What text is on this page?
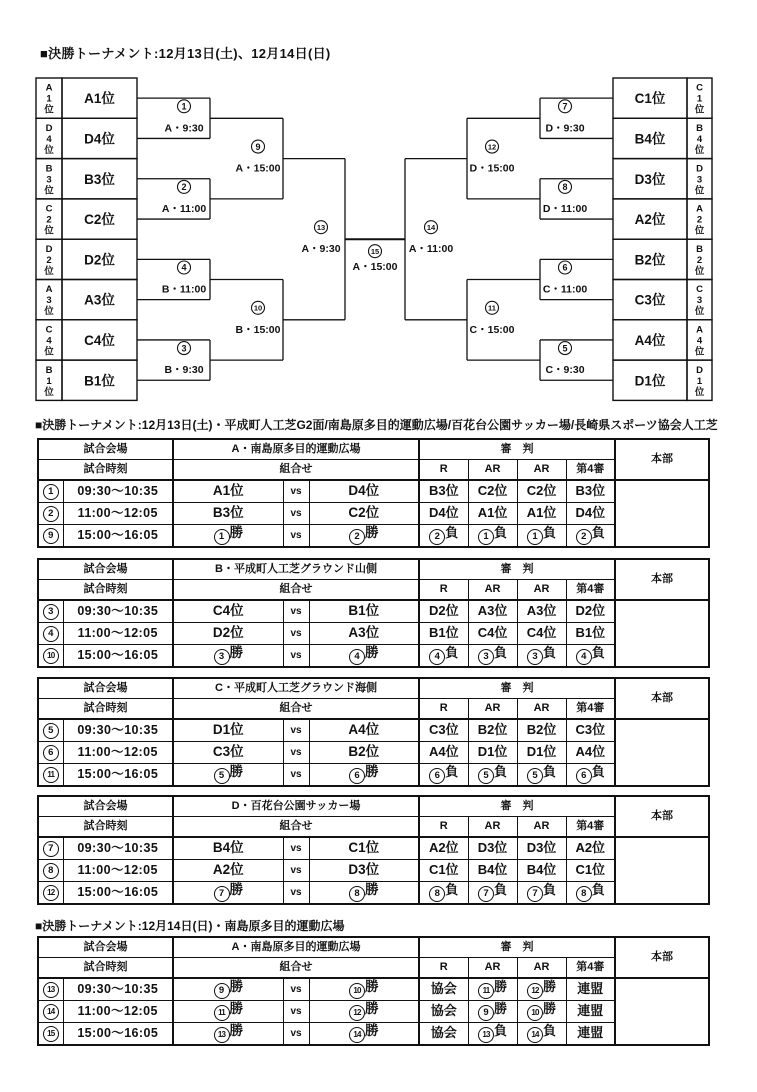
■決勝トーナメント:12月13日(土)、12月14日(日)
A1位
A
1
位
D4位
D
4
位
B3位
B
3
位
C2位
C
2
位
D2位
D
2
位
A3位
A
3
位
C4位
C
4
位
B1位
B
1
位
C1位
C
1
位
B4位
B
4
位
D3位
D
3
位
A2位
A
2
位
B2位
B
2
位
C3位
C
3
位
A4位
A
4
位
D1位
D
1
位
1
A・9:30
2
A・11:00
4
B・11:00
3
B・9:30
9
A・15:00
10
B・15:00
13
A・9:30
7
D・9:30
8
D・11:00
6
C・11:00
5
C・9:30
12
D・15:00
11
C・15:00
14
A・11:00
15
A・15:00
■決勝トーナメント:12月13日(土)・平成町人工芝G2面/南島原多目的運動広場/百花台公園サッカー場/長崎県スポーツ協会人工芝
■決勝トーナメント:12月14日(日)・南島原多目的運動広場
試合会場		A・南島原多目的運動広場			審　判				本部
試合時刻		組合せ			R	AR	AR	第4審	
1	09:30〜10:35	A1位	vs	D4位	B3位	C2位	C2位	B3位	
2	11:00〜12:05	B3位	vs	C2位	D4位	A1位	A1位	D4位	
9	15:00〜16:05	1 勝	vs	2 勝	2 負	1 負	1 負	2 負	
試合会場		B・平成町人工芝グラウンド山側			審　判				本部
試合時刻		組合せ			R	AR	AR	第4審	
3	09:30〜10:35	C4位	vs	B1位	D2位	A3位	A3位	D2位	
4	11:00〜12:05	D2位	vs	A3位	B1位	C4位	C4位	B1位	
10	15:00〜16:05	3 勝	vs	4 勝	4 負	3 負	3 負	4 負	
試合会場		C・平成町人工芝グラウンド海側			審　判				本部
試合時刻		組合せ			R	AR	AR	第4審	
5	09:30〜10:35	D1位	vs	A4位	C3位	B2位	B2位	C3位	
6	11:00〜12:05	C3位	vs	B2位	A4位	D1位	D1位	A4位	
11	15:00〜16:05	5 勝	vs	6 勝	6 負	5 負	5 負	6 負	
試合会場		D・百花台公園サッカー場			審　判				本部
試合時刻		組合せ			R	AR	AR	第4審	
7	09:30〜10:35	B4位	vs	C1位	A2位	D3位	D3位	A2位	
8	11:00〜12:05	A2位	vs	D3位	C1位	B4位	B4位	C1位	
12	15:00〜16:05	7 勝	vs	8 勝	8 負	7 負	7 負	8 負	
試合会場		A・南島原多目的運動広場			審　判				本部
試合時刻		組合せ			R	AR	AR	第4審	
13	09:30〜10:35	9 勝	vs	10 勝	協会	11 勝	12 勝	連盟	
14	11:00〜12:05	11 勝	vs	12 勝	協会	9 勝	10 勝	連盟	
15	15:00〜16:05	13 勝	vs	14 勝	協会	13 負	14 負	連盟	
